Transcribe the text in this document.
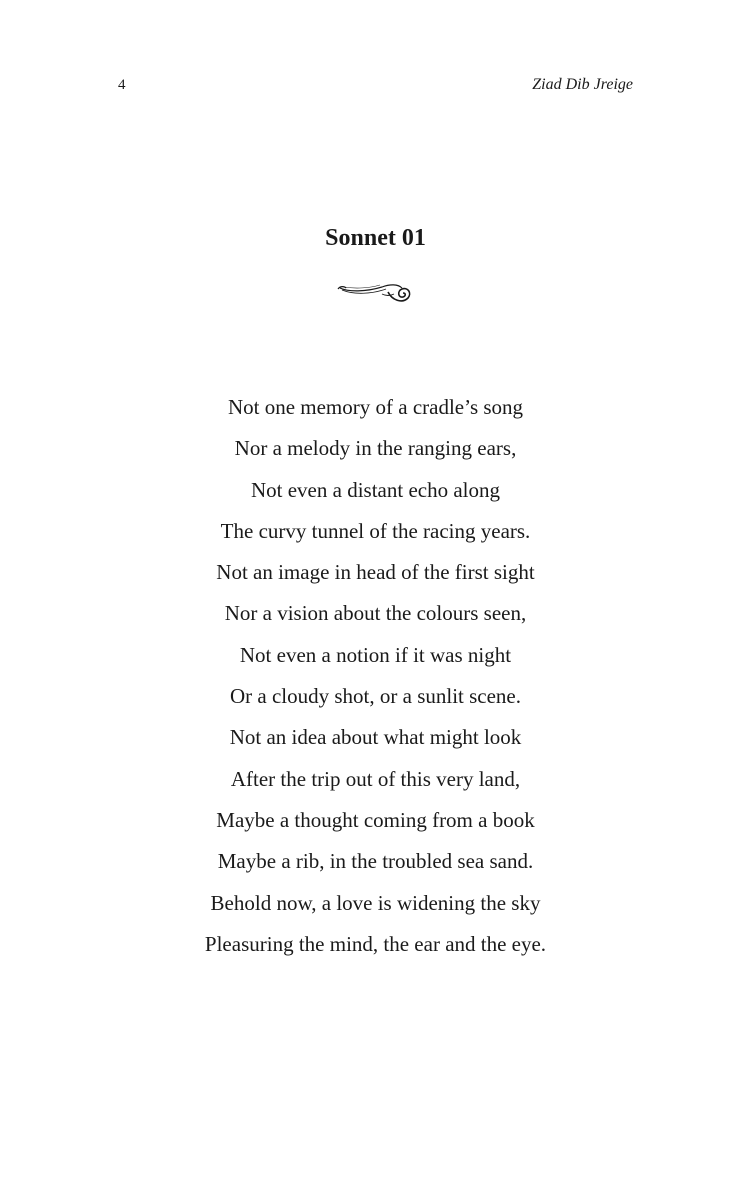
4	Ziad Dib Jreige
Sonnet 01
Not one memory of a cradle’s song
Nor a melody in the ranging ears,
Not even a distant echo along
The curvy tunnel of the racing years.
Not an image in head of the first sight
Nor a vision about the colours seen,
Not even a notion if it was night
Or a cloudy shot, or a sunlit scene.
Not an idea about what might look
After the trip out of this very land,
Maybe a thought coming from a book
Maybe a rib, in the troubled sea sand.
Behold now, a love is widening the sky
Pleasuring the mind, the ear and the eye.
